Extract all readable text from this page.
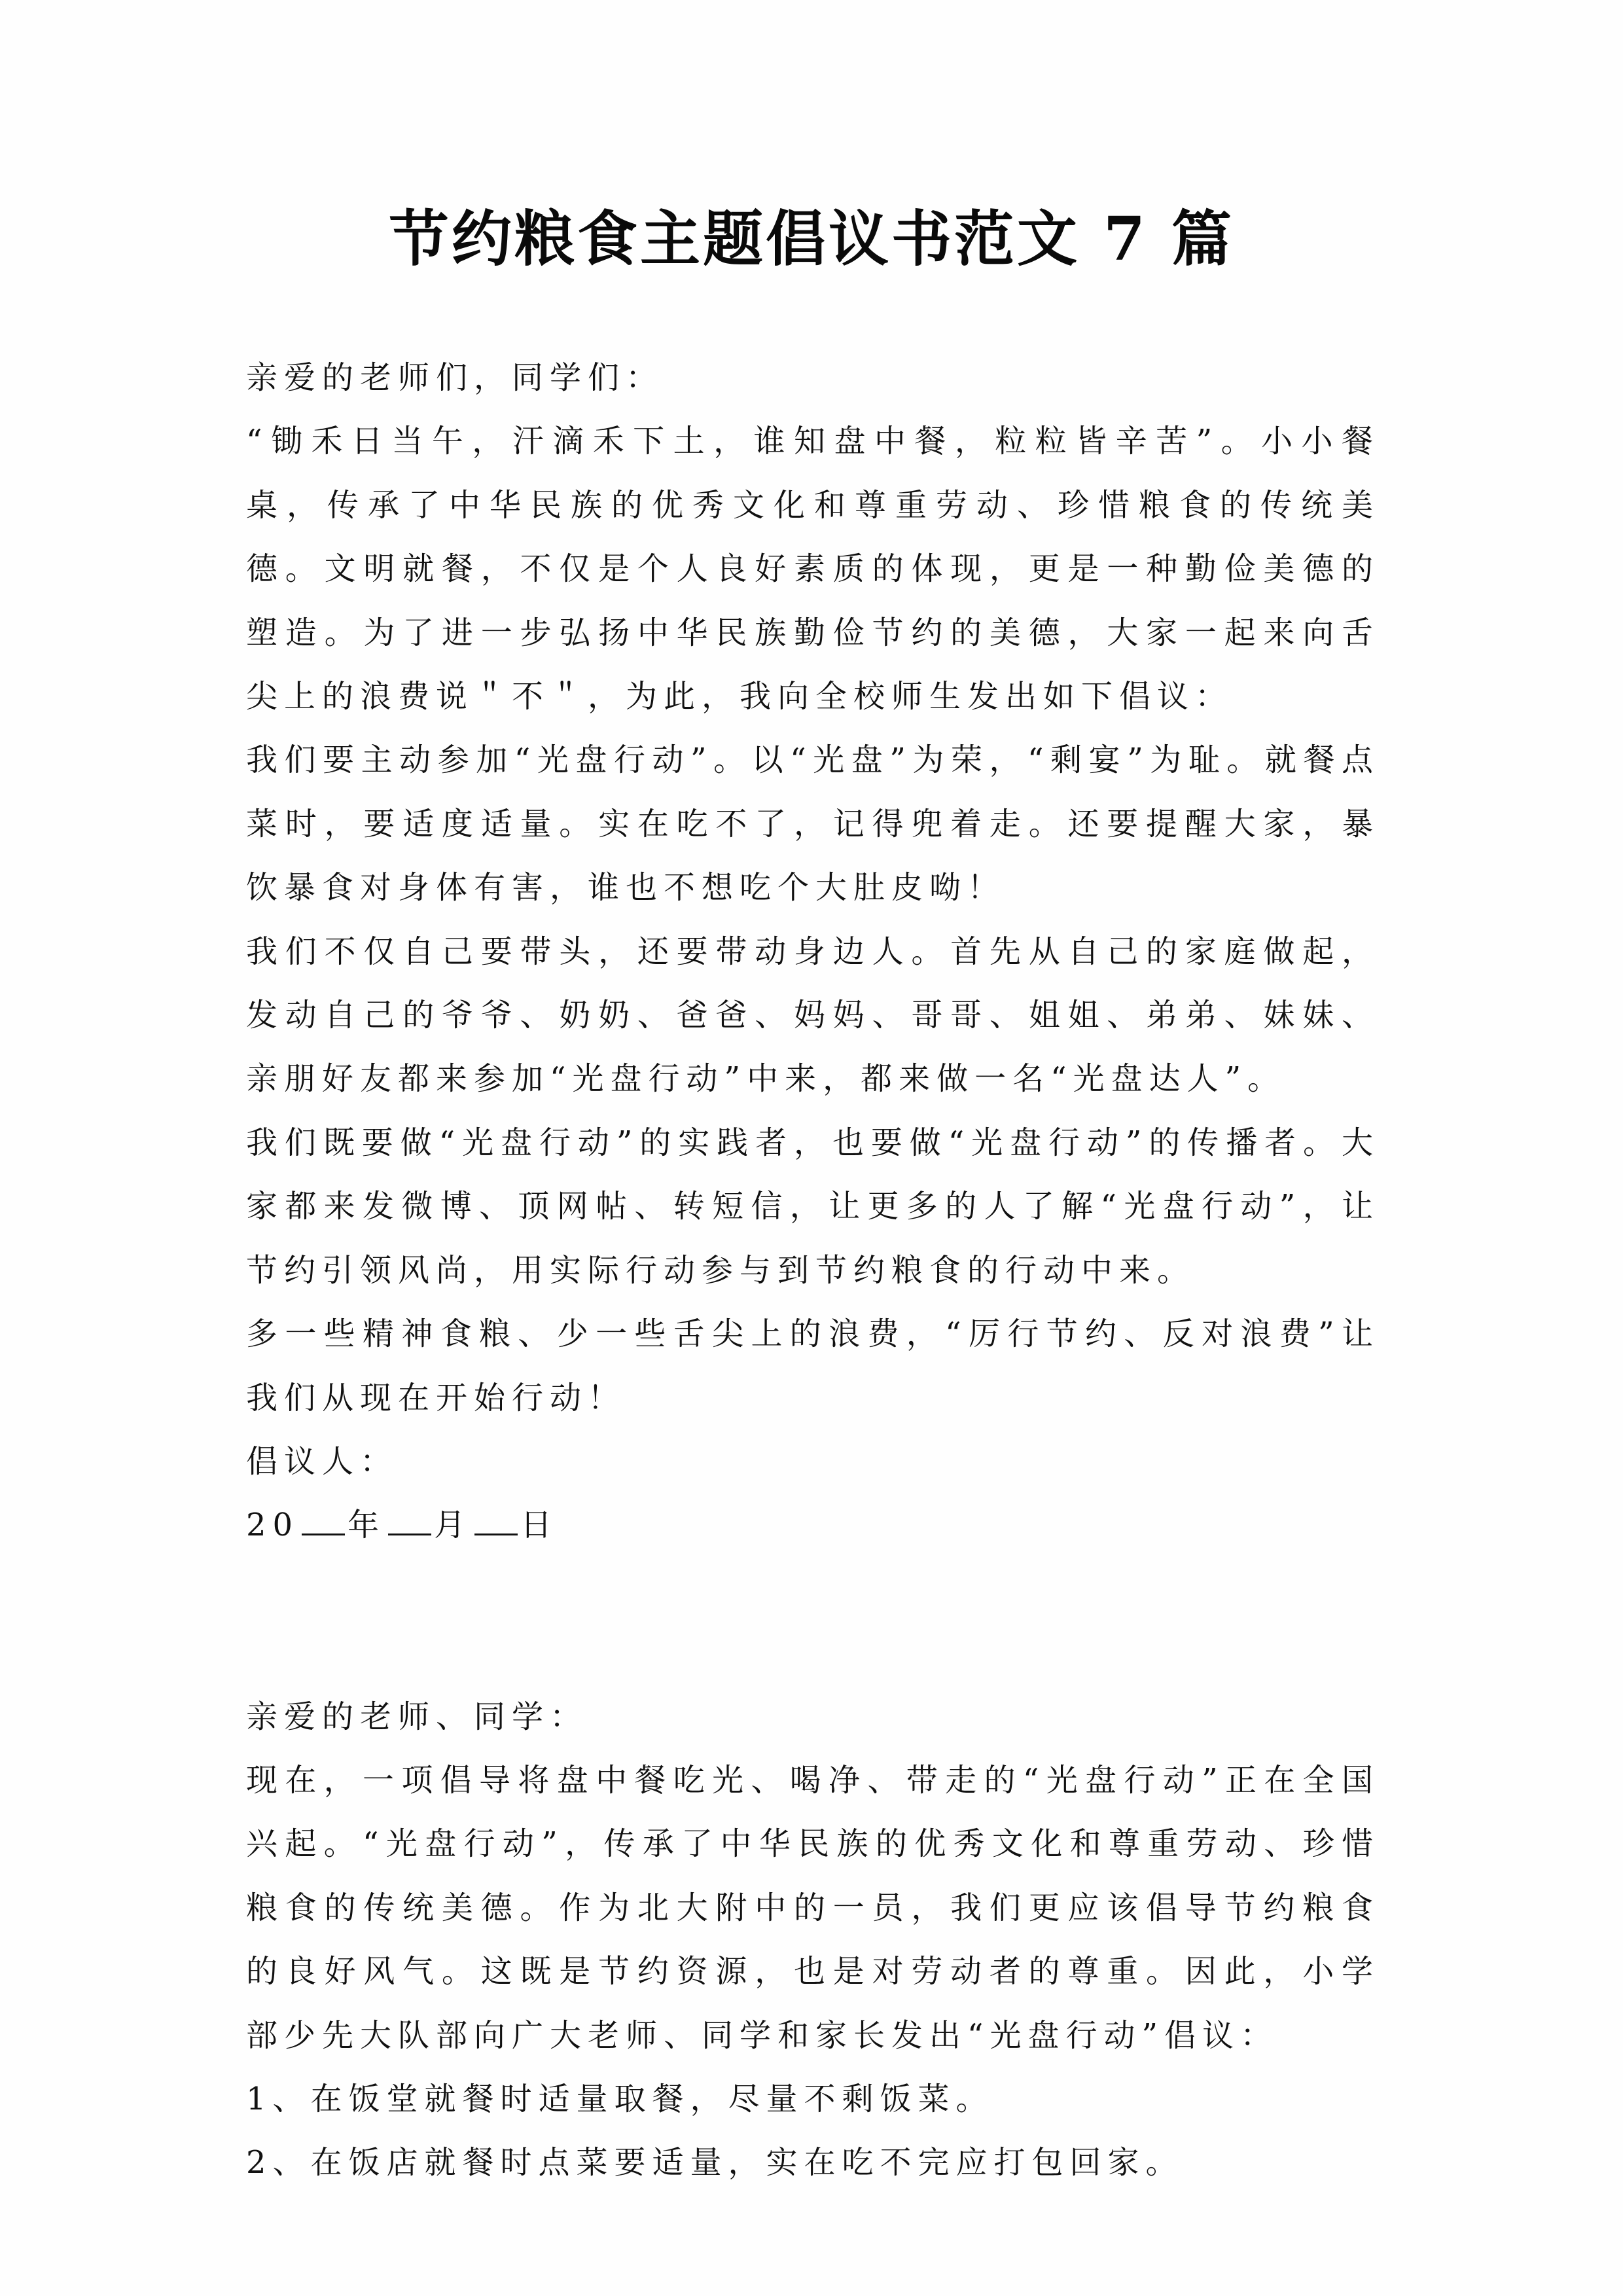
节约粮食主题倡议书范文 7 篇

亲爱的老师们，同学们：

“锄禾日当午，汗滴禾下土，谁知盘中餐，粒粒皆辛苦”。小小餐桌，传承了中华民族的优秀文化和尊重劳动、珍惜粮食的传统美德。文明就餐，不仅是个人良好素质的体现，更是一种勤俭美德的塑造。为了进一步弘扬中华民族勤俭节约的美德，大家一起来向舌尖上的浪费说＂不＂，为此，我向全校师生发出如下倡议：

我们要主动参加“光盘行动”。以“光盘”为荣，“剩宴”为耻。就餐点菜时，要适度适量。实在吃不了，记得兜着走。还要提醒大家，暴饮暴食对身体有害，谁也不想吃个大肚皮呦！

我们不仅自己要带头，还要带动身边人。首先从自己的家庭做起，发动自己的爷爷、奶奶、爸爸、妈妈、哥哥、姐姐、弟弟、妹妹、亲朋好友都来参加“光盘行动”中来，都来做一名“光盘达人”。

我们既要做“光盘行动”的实践者，也要做“光盘行动”的传播者。大家都来发微博、顶网帖、转短信，让更多的人了解“光盘行动”，让节约引领风尚，用实际行动参与到节约粮食的行动中来。

多一些精神食粮、少一些舌尖上的浪费，“厉行节约、反对浪费”让我们从现在开始行动！

倡议人：

20 年 月 日

亲爱的老师、同学：

现在，一项倡导将盘中餐吃光、喝净、带走的“光盘行动”正在全国兴起。“光盘行动”，传承了中华民族的优秀文化和尊重劳动、珍惜粮食的传统美德。作为北大附中的一员，我们更应该倡导节约粮食的良好风气。这既是节约资源，也是对劳动者的尊重。因此，小学部少先大队部向广大老师、同学和家长发出“光盘行动”倡议：

1、在饭堂就餐时适量取餐，尽量不剩饭菜。

2、在饭店就餐时点菜要适量，实在吃不完应打包回家。
